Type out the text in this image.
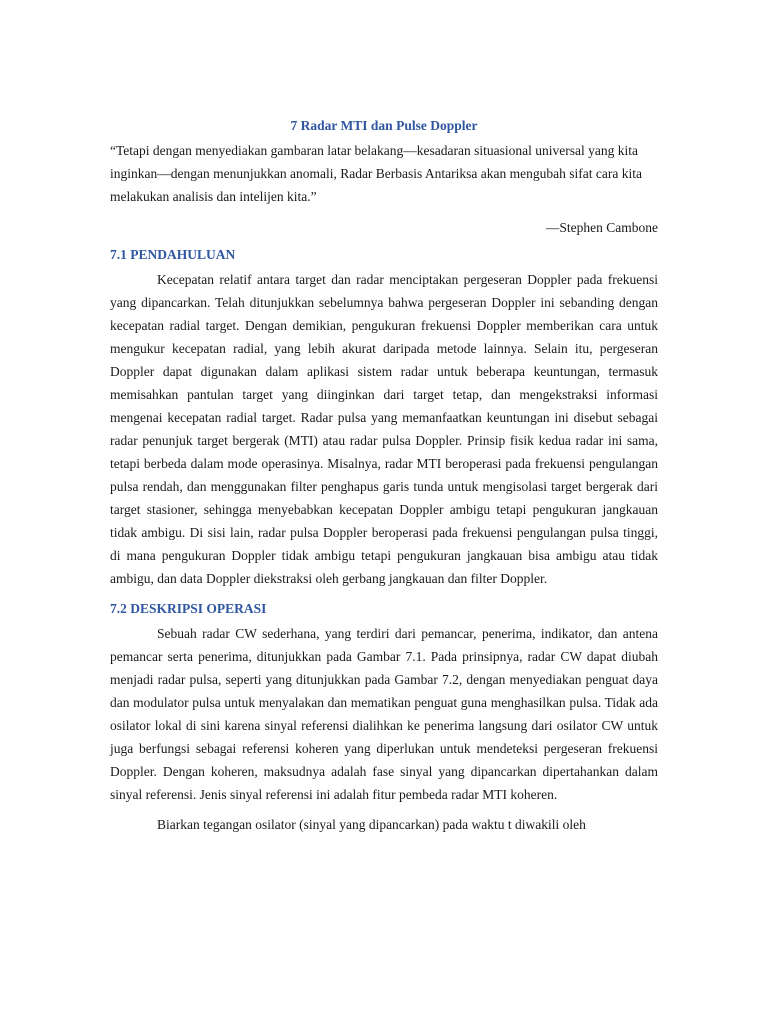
7 Radar MTI dan Pulse Doppler

“Tetapi dengan menyediakan gambaran latar belakang—kesadaran situasional universal yang kita inginkan—dengan menunjukkan anomali, Radar Berbasis Antariksa akan mengubah sifat cara kita melakukan analisis dan intelijen kita.”

—Stephen Cambone

7.1 PENDAHULUAN

Kecepatan relatif antara target dan radar menciptakan pergeseran Doppler pada frekuensi yang dipancarkan. Telah ditunjukkan sebelumnya bahwa pergeseran Doppler ini sebanding dengan kecepatan radial target. Dengan demikian, pengukuran frekuensi Doppler memberikan cara untuk mengukur kecepatan radial, yang lebih akurat daripada metode lainnya. Selain itu, pergeseran Doppler dapat digunakan dalam aplikasi sistem radar untuk beberapa keuntungan, termasuk memisahkan pantulan target yang diinginkan dari target tetap, dan mengekstraksi informasi mengenai kecepatan radial target. Radar pulsa yang memanfaatkan keuntungan ini disebut sebagai radar penunjuk target bergerak (MTI) atau radar pulsa Doppler. Prinsip fisik kedua radar ini sama, tetapi berbeda dalam mode operasinya. Misalnya, radar MTI beroperasi pada frekuensi pengulangan pulsa rendah, dan menggunakan filter penghapus garis tunda untuk mengisolasi target bergerak dari target stasioner, sehingga menyebabkan kecepatan Doppler ambigu tetapi pengukuran jangkauan tidak ambigu. Di sisi lain, radar pulsa Doppler beroperasi pada frekuensi pengulangan pulsa tinggi, di mana pengukuran Doppler tidak ambigu tetapi pengukuran jangkauan bisa ambigu atau tidak ambigu, dan data Doppler diekstraksi oleh gerbang jangkauan dan filter Doppler.

7.2 DESKRIPSI OPERASI

Sebuah radar CW sederhana, yang terdiri dari pemancar, penerima, indikator, dan antena pemancar serta penerima, ditunjukkan pada Gambar 7.1. Pada prinsipnya, radar CW dapat diubah menjadi radar pulsa, seperti yang ditunjukkan pada Gambar 7.2, dengan menyediakan penguat daya dan modulator pulsa untuk menyalakan dan mematikan penguat guna menghasilkan pulsa. Tidak ada osilator lokal di sini karena sinyal referensi dialihkan ke penerima langsung dari osilator CW untuk juga berfungsi sebagai referensi koheren yang diperlukan untuk mendeteksi pergeseran frekuensi Doppler. Dengan koheren, maksudnya adalah fase sinyal yang dipancarkan dipertahankan dalam sinyal referensi. Jenis sinyal referensi ini adalah fitur pembeda radar MTI koheren.

Biarkan tegangan osilator (sinyal yang dipancarkan) pada waktu t diwakili oleh
